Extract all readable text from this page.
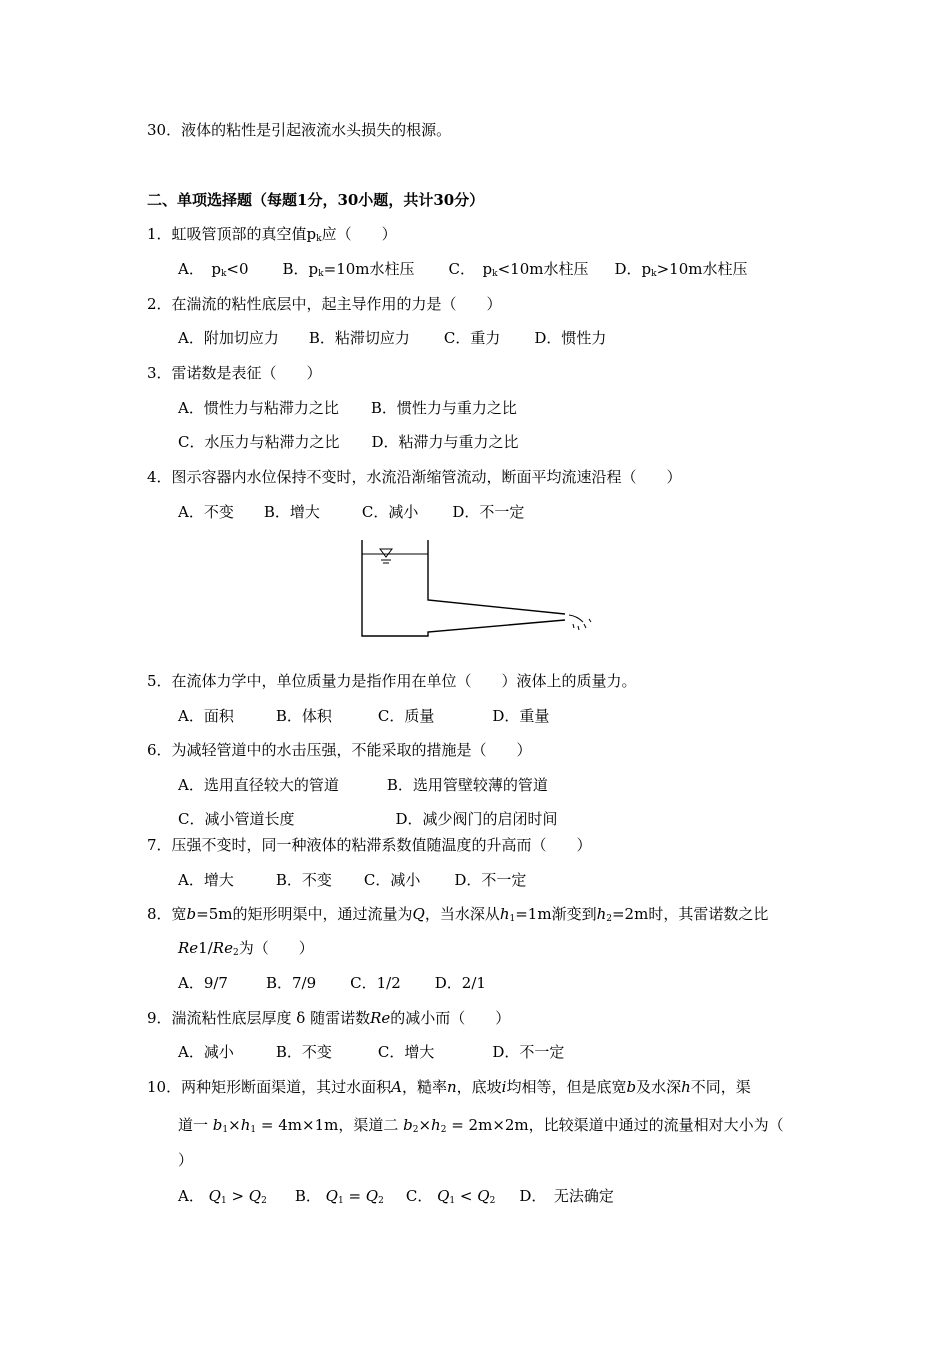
30．液体的粘性是引起液流水头损失的根源。
二、单项选择题（每题1分，30小题，共计30分）
1．虹吸管顶部的真空值$p_k$应（　　）
A．　$p_k<0$ B．$p_k=10m$水柱压 C．　$p_k<10m$水柱压 D．$p_k>10m$水柱压
2．在湍流的粘性底层中，起主导作用的力是（　　）
A．附加切应力 B．粘滞切应力 C．重力 D．惯性力
3．雷诺数是表征（　　）
A．惯性力与粘滞力之比 B．惯性力与重力之比
C．水压力与粘滞力之比 D．粘滞力与重力之比
4．图示容器内水位保持不变时，水流沿渐缩管流动，断面平均流速沿程（　　）
A．不变 B．增大	C．减小 D．不一定
5．在流体力学中，单位质量力是指作用在单位（　　）液体上的质量力。
A．面积	B．体积	C．质量	D．重量
6．为减轻管道中的水击压强，不能采取的措施是（　　）
A．选用直径较大的管道	B．选用管壁较薄的管道
C．减小管道长度	D．减少阀门的启闭时间
7．压强不变时，同一种液体的粘滞系数值随温度的升高而（　　）
A．增大	B．不变 C．减小 D．不一定
8．宽b=5m的矩形明渠中，通过流量为Q，当水深从$h_1=1m$渐变到$h_2=2m$时，其雷诺数之比
$Re1/Re_2$为（　　）
A．9/7	B．7/9 C．1/2 D．2/1
9．湍流粘性底层厚度 δ 随雷诺数Re的减小而（　　）
A．减小	B．不变	C．增大	D．不一定
10．两种矩形断面渠道，其过水面积A，糙率n，底坡i均相等，但是底宽b及水深h不同，渠
道一 $b_1\times h_1 = 4m\times 1m$，渠道二 $b_2\times h_2 = 2m\times 2m$，比较渠道中通过的流量相对大小为（
）
A． $Q_1 > Q_2$ B． $Q_1 = Q_2$ C． $Q_1 < Q_2$ D．　无法确定
